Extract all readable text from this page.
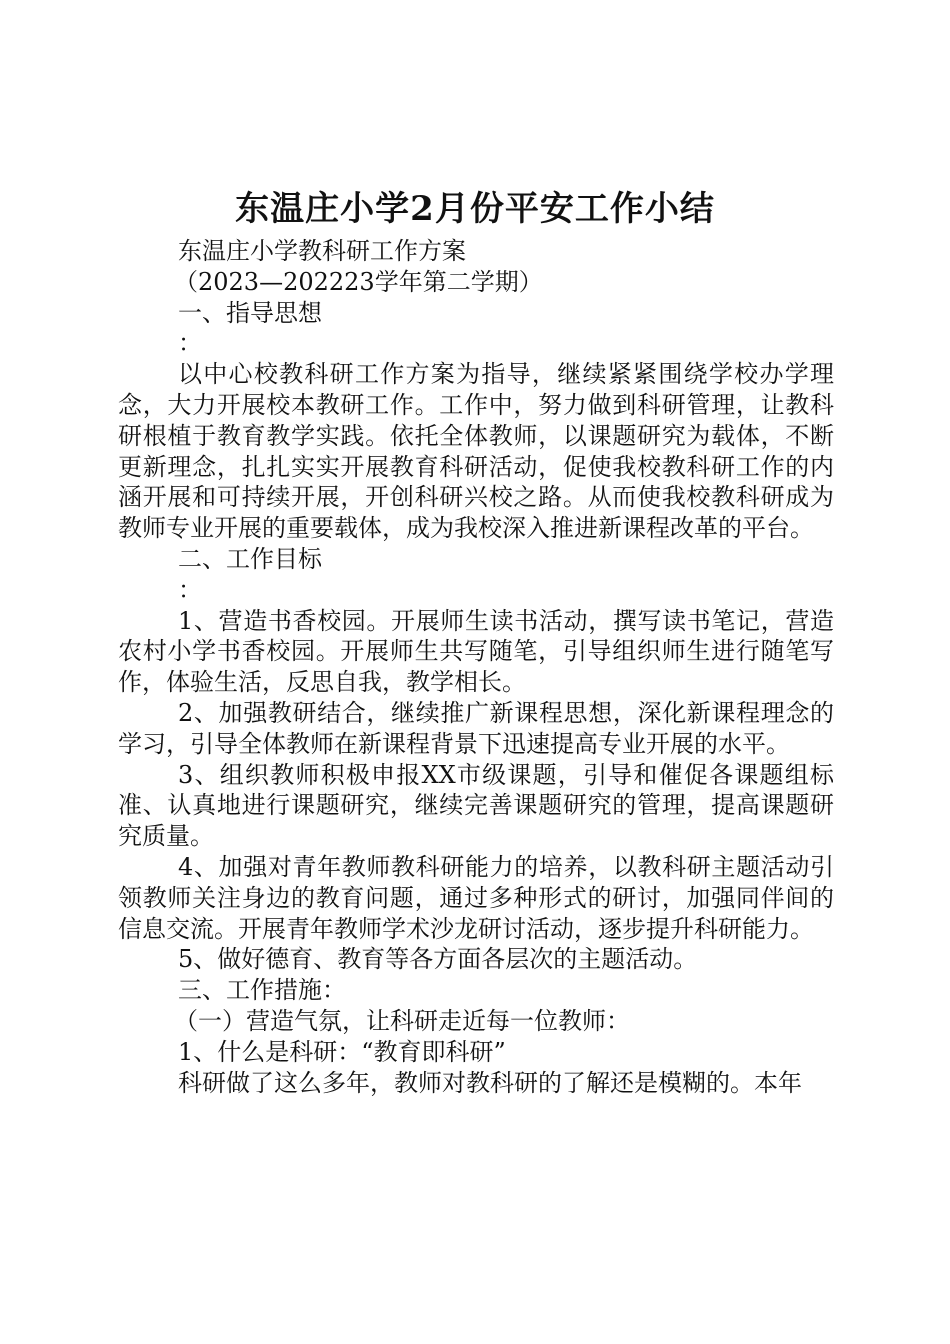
东温庄小学2月份平安工作小结

东温庄小学教科研工作方案

（2023—202223学年第二学期）

一、指导思想

：

以中心校教科研工作方案为指导，继续紧紧围绕学校办学理念，大力开展校本教研工作。工作中，努力做到科研管理，让教科研根植于教育教学实践。依托全体教师，以课题研究为载体，不断更新理念，扎扎实实开展教育科研活动，促使我校教科研工作的内涵开展和可持续开展，开创科研兴校之路。从而使我校教科研成为教师专业开展的重要载体，成为我校深入推进新课程改革的平台。

二、工作目标

：

1、营造书香校园。开展师生读书活动，撰写读书笔记，营造农村小学书香校园。开展师生共写随笔，引导组织师生进行随笔写作，体验生活，反思自我，教学相长。

2、加强教研结合，继续推广新课程思想，深化新课程理念的学习，引导全体教师在新课程背景下迅速提高专业开展的水平。

3、组织教师积极申报XX市级课题，引导和催促各课题组标准、认真地进行课题研究，继续完善课题研究的管理，提高课题研究质量。

4、加强对青年教师教科研能力的培养，以教科研主题活动引领教师关注身边的教育问题，通过多种形式的研讨，加强同伴间的信息交流。开展青年教师学术沙龙研讨活动，逐步提升科研能力。

5、做好德育、教育等各方面各层次的主题活动。

三、工作措施：

（一）营造气氛，让科研走近每一位教师：

1、什么是科研：“教育即科研”

科研做了这么多年，教师对教科研的了解还是模糊的。本年
